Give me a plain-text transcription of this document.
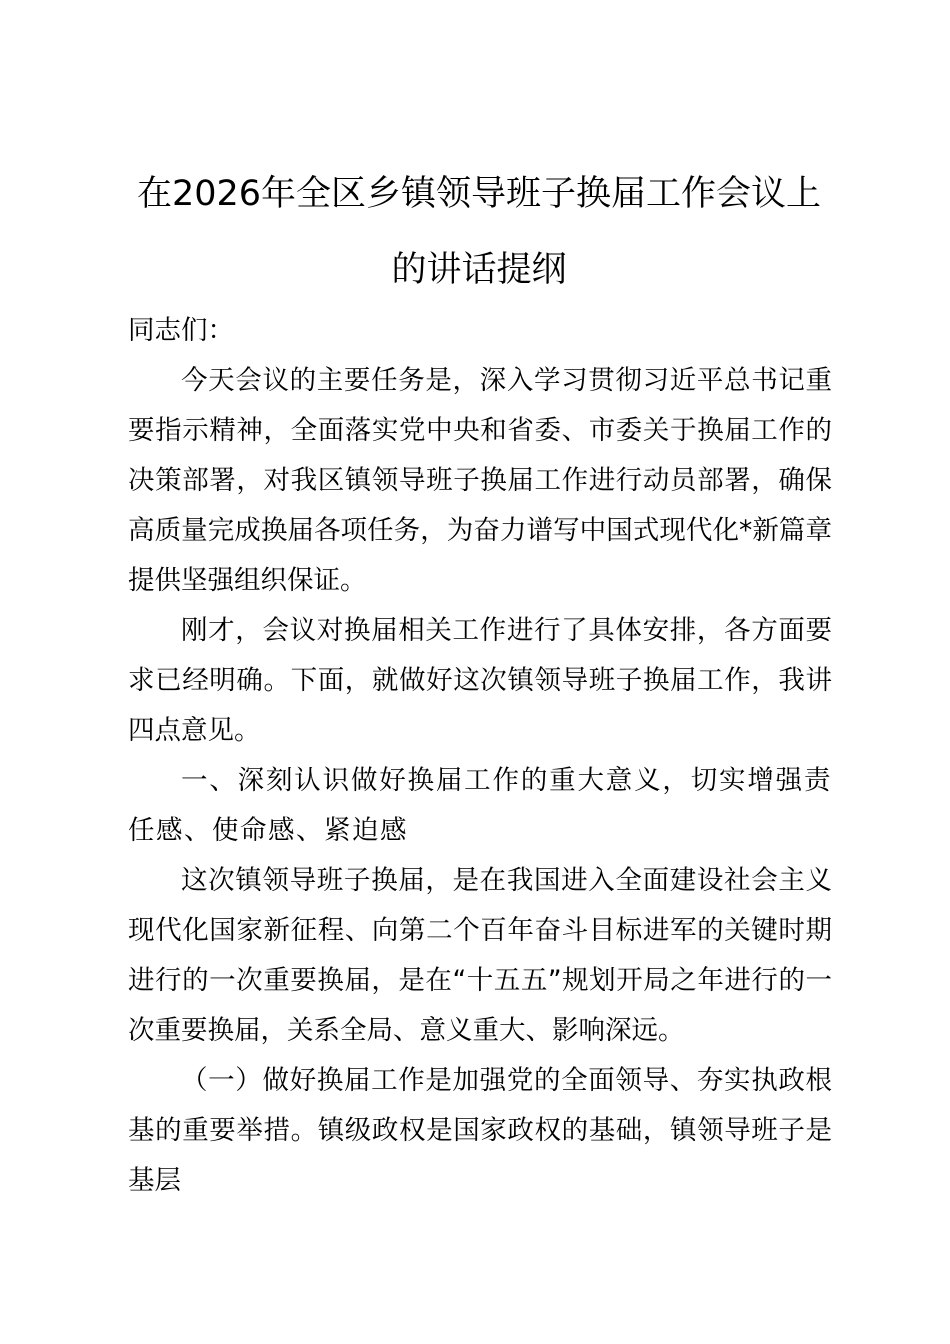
在2026年全区乡镇领导班子换届工作会议上的讲话提纲

同志们：

今天会议的主要任务是，深入学习贯彻习近平总书记重要指示精神，全面落实党中央和省委、市委关于换届工作的决策部署，对我区镇领导班子换届工作进行动员部署，确保高质量完成换届各项任务，为奋力谱写中国式现代化*新篇章提供坚强组织保证。

刚才，会议对换届相关工作进行了具体安排，各方面要求已经明确。下面，就做好这次镇领导班子换届工作，我讲四点意见。

一、深刻认识做好换届工作的重大意义，切实增强责任感、使命感、紧迫感

这次镇领导班子换届，是在我国进入全面建设社会主义现代化国家新征程、向第二个百年奋斗目标进军的关键时期进行的一次重要换届，是在“十五五”规划开局之年进行的一次重要换届，关系全局、意义重大、影响深远。

（一）做好换届工作是加强党的全面领导、夯实执政根基的重要举措。镇级政权是国家政权的基础，镇领导班子是基层
